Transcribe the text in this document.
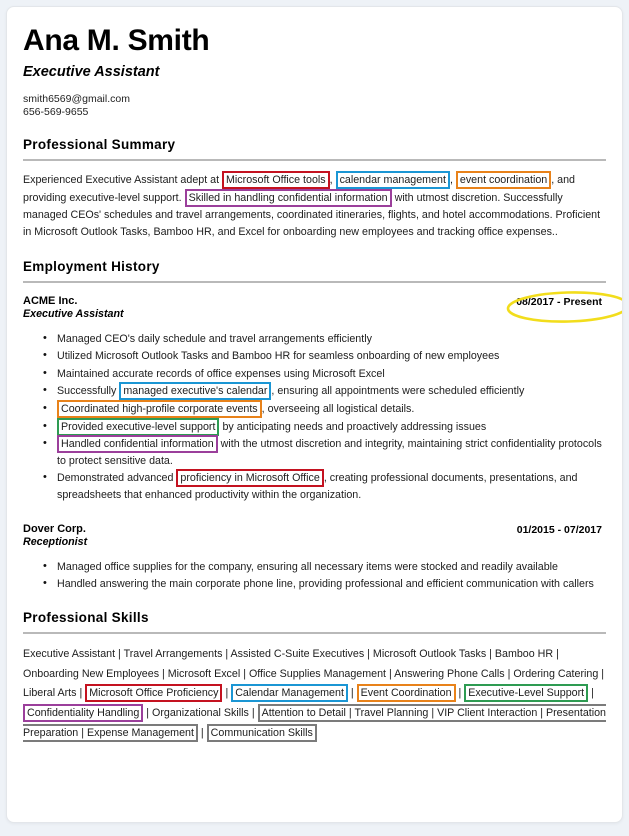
Ana M. Smith
Executive Assistant
smith6569@gmail.com
656-569-9655
Professional Summary
Experienced Executive Assistant adept at Microsoft Office tools , calendar management , event coordination , and providing executive-level support. Skilled in handling confidential information with utmost discretion. Successfully managed CEOs' schedules and travel arrangements, coordinated itineraries, flights, and hotel accommodations. Proficient in Microsoft Outlook Tasks, Bamboo HR, and Excel for onboarding new employees and tracking office expenses..
Employment History
ACME Inc.
Executive Assistant
08/2017 - Present
• Managed CEO's daily schedule and travel arrangements efficiently
• Utilized Microsoft Outlook Tasks and Bamboo HR for seamless onboarding of new employees
• Maintained accurate records of office expenses using Microsoft Excel
• Successfully managed executive's calendar , ensuring all appointments were scheduled efficiently
• Coordinated high-profile corporate events , overseeing all logistical details.
• Provided executive-level support by anticipating needs and proactively addressing issues
• Handled confidential information with the utmost discretion and integrity, maintaining strict confidentiality protocols to protect sensitive data.
• Demonstrated advanced proficiency in Microsoft Office , creating professional documents, presentations, and spreadsheets that enhanced productivity within the organization.
Dover Corp.
Receptionist
01/2015 - 07/2017
• Managed office supplies for the company, ensuring all necessary items were stocked and readily available
• Handled answering the main corporate phone line, providing professional and efficient communication with callers
Professional Skills
Executive Assistant | Travel Arrangements | Assisted C-Suite Executives | Microsoft Outlook Tasks | Bamboo HR | Onboarding New Employees | Microsoft Excel | Office Supplies Management | Answering Phone Calls | Ordering Catering | Liberal Arts | Microsoft Office Proficiency | Calendar Management | Event Coordination | Executive-Level Support | Confidentiality Handling | Organizational Skills | Attention to Detail | Travel Planning | VIP Client Interaction | Presentation Preparation | Expense Management | Communication Skills
